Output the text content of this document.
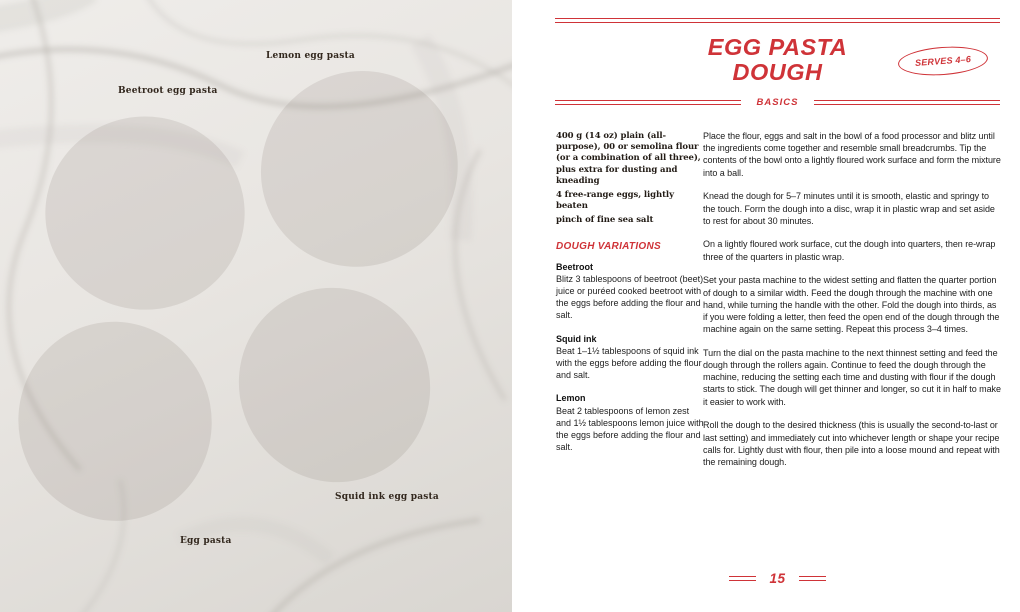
Beetroot egg pasta
Lemon egg pasta
Squid ink egg pasta
Egg pasta
EGG PASTA
DOUGH	SERVES 4–6
BASICS

400 g (14 oz) plain (all-purpose), 00 or semolina flour (or a combination of all three), plus extra for dusting and kneading

4 free-range eggs, lightly beaten

pinch of fine sea salt

DOUGH VARIATIONS
Beetroot

Blitz 3 tablespoons of beetroot (beet) juice or puréed cooked beetroot with the eggs before adding the flour and salt.

Squid ink

Beat 1–1½ tablespoons of squid ink with the eggs before adding the flour and salt.

Lemon

Beat 2 tablespoons of lemon zest and 1½ tablespoons lemon juice with the eggs before adding the flour and salt.

Place the flour, eggs and salt in the bowl of a food processor and blitz until the ingredients come together and resemble small breadcrumbs. Tip the contents of the bowl onto a lightly floured work surface and form the mixture into a ball.

Knead the dough for 5–7 minutes until it is smooth, elastic and springy to the touch. Form the dough into a disc, wrap it in plastic wrap and set aside to rest for about 30 minutes.

On a lightly floured work surface, cut the dough into quarters, then re-wrap three of the quarters in plastic wrap.

Set your pasta machine to the widest setting and flatten the quarter portion of dough to a similar width. Feed the dough through the machine with one hand, while turning the handle with the other. Fold the dough into thirds, as if you were folding a letter, then feed the open end of the dough through the machine again on the same setting. Repeat this process 3–4 times.

Turn the dial on the pasta machine to the next thinnest setting and feed the dough through the rollers again. Continue to feed the dough through the machine, reducing the setting each time and dusting with flour if the dough starts to stick. The dough will get thinner and longer, so cut it in half to make it easier to work with.

Roll the dough to the desired thickness (this is usually the second-to-last or last setting) and immediately cut into whichever length or shape your recipe calls for. Lightly dust with flour, then pile into a loose mound and repeat with the remaining dough.

15
